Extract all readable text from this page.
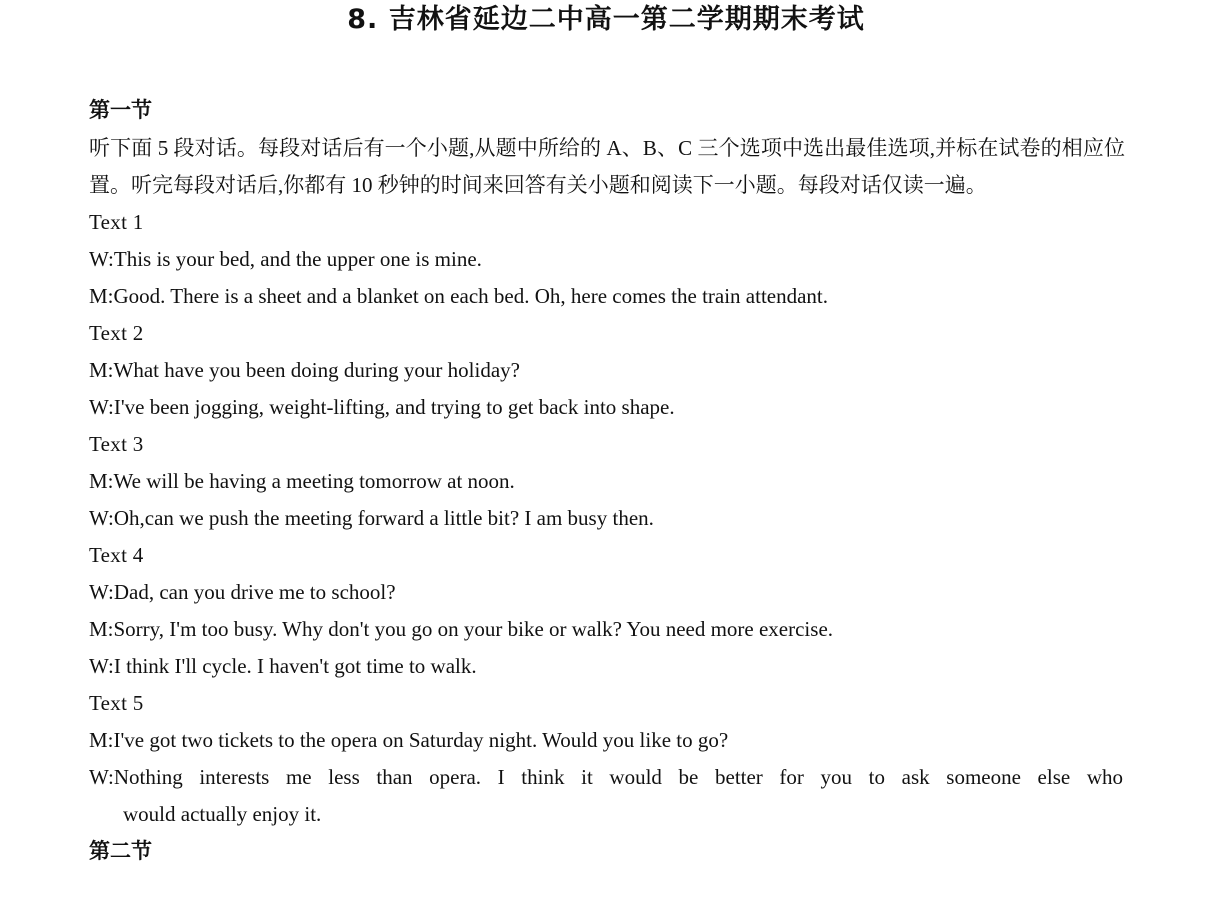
8. 吉林省延边二中高一第二学期期末考试
第一节
听下面 5 段对话。每段对话后有一个小题,从题中所给的 A、B、C 三个选项中选出最佳选项,并标在试卷的相应位置。听完每段对话后,你都有 10 秒钟的时间来回答有关小题和阅读下一小题。每段对话仅读一遍。
Text 1
W:This is your bed, and the upper one is mine.
M:Good. There is a sheet and a blanket on each bed. Oh, here comes the train attendant.
Text 2
M:What have you been doing during your holiday?
W:I've been jogging, weight-lifting, and trying to get back into shape.
Text 3
M:We will be having a meeting tomorrow at noon.
W:Oh,can we push the meeting forward a little bit? I am busy then.
Text 4
W:Dad, can you drive me to school?
M:Sorry, I'm too busy. Why don't you go on your bike or walk? You need more exercise.
W:I think I'll cycle. I haven't got time to walk.
Text 5
M:I've got two tickets to the opera on Saturday night. Would you like to go?
W:Nothing interests me less than opera. I think it would be better for you to ask someone else who
would actually enjoy it.
第二节
